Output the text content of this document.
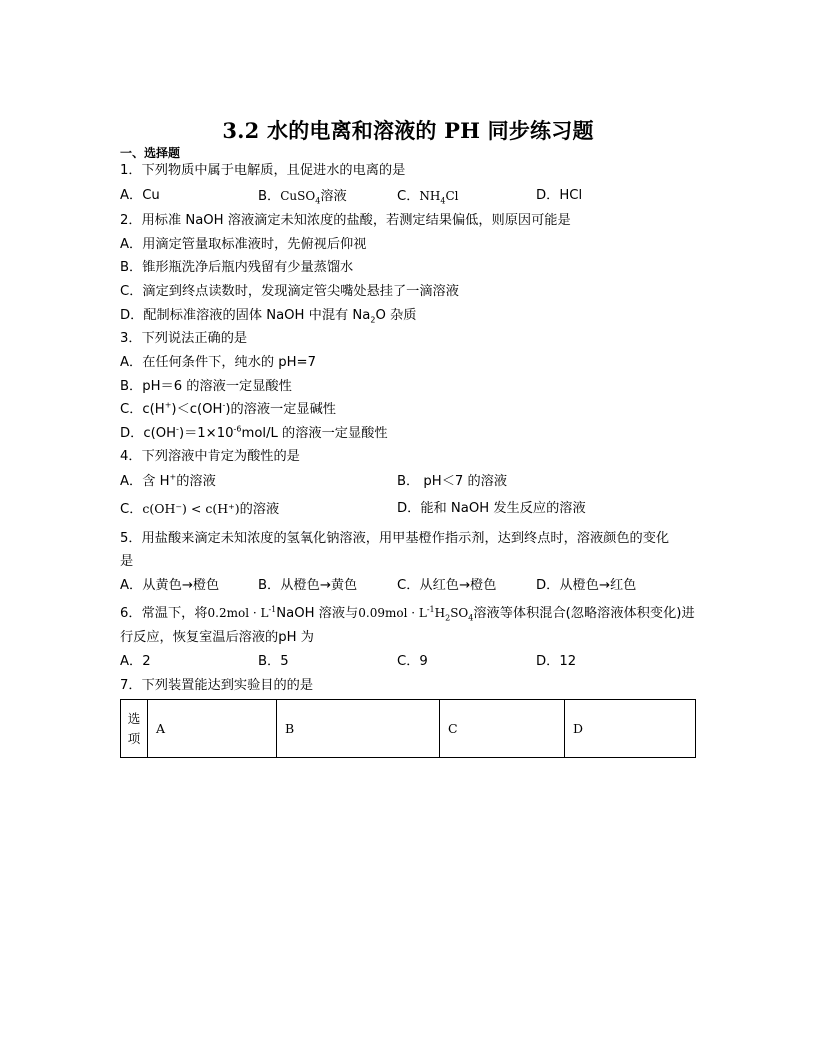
3.2 水的电离和溶液的 PH 同步练习题
一、选择题
1．下列物质中属于电解质，且促进水的电离的是
A．Cu	B．CuSO$_4$溶液	C．$NH_4Cl$	D．HCl
2．用标准 NaOH 溶液滴定未知浓度的盐酸，若测定结果偏低，则原因可能是
A．用滴定管量取标准液时，先俯视后仰视
B．锥形瓶洗净后瓶内残留有少量蒸馏水
C．滴定到终点读数时，发现滴定管尖嘴处悬挂了一滴溶液
D．配制标准溶液的固体 NaOH 中混有 $Na_2O$ 杂质
3．下列说法正确的是
A．在任何条件下，纯水的 pH=7
B．pH＝6 的溶液一定显酸性
C．c(H+)＜c(OH-)的溶液一定显碱性
D．$c(OH^-)=1\times 10^{-6}mol/L$ 的溶液一定显酸性
4．下列溶液中肯定为酸性的是
A．含 H+的溶液	B． pH＜7 的溶液
C．c(OH⁻) < c(H⁺)的溶液	D．能和 NaOH 发生反应的溶液
5．用盐酸来滴定未知浓度的氢氧化钠溶液，用甲基橙作指示剂，达到终点时，溶液颜色的变化
是
A．从黄色→橙色	B．从橙色→黄色	C．从红色→橙色	D．从橙色→红色
6．常温下，将$0.2mol \cdot L^{-1}NaOH$ 溶液与$0.09mol \cdot L^{-1}H_2SO_4$溶液等体积混合(忽略溶液体积变化)进
行反应，恢复室温后溶液的pH 为
A．2	B．5	C．9	D．12
7．下列装置能达到实验目的的是
选
项	A	B	C	D
